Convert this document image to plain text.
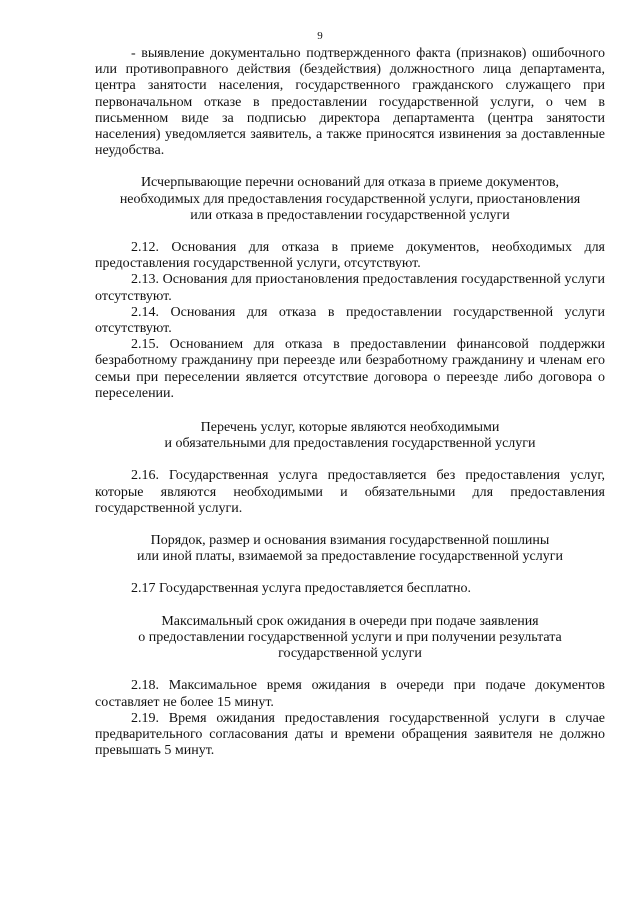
9

- выявление документально подтвержденного факта (признаков) ошибочного или противоправного действия (бездействия) должностного лица департамента, центра занятости населения, государственного гражданского служащего при первоначальном отказе в предоставлении государственной услуги, о чем в письменном виде за подписью директора департамента (центра занятости населения) уведомляется заявитель, а также приносятся извинения за доставленные неудобства.

Исчерпывающие перечни оснований для отказа в приеме документов,
необходимых для предоставления государственной услуги, приостановления
или отказа в предоставлении государственной услуги

2.12. Основания для отказа в приеме документов, необходимых для предоставления государственной услуги, отсутствуют.

2.13. Основания для приостановления предоставления государственной услуги отсутствуют.

2.14. Основания для отказа в предоставлении государственной услуги отсутствуют.

2.15. Основанием для отказа в предоставлении финансовой поддержки безработному гражданину при переезде или безработному гражданину и членам его семьи при переселении является отсутствие договора о переезде либо договора о переселении.

Перечень услуг, которые являются необходимыми
и обязательными для предоставления государственной услуги

2.16. Государственная услуга предоставляется без предоставления услуг, которые являются необходимыми и обязательными для предоставления государственной услуги.

Порядок, размер и основания взимания государственной пошлины
или иной платы, взимаемой за предоставление государственной услуги

2.17 Государственная услуга предоставляется бесплатно.

Максимальный срок ожидания в очереди при подаче заявления
о предоставлении государственной услуги и при получении результата
государственной услуги

2.18. Максимальное время ожидания в очереди при подаче документов составляет не более 15 минут.

2.19. Время ожидания предоставления государственной услуги в случае предварительного согласования даты и времени обращения заявителя не должно превышать 5 минут.
